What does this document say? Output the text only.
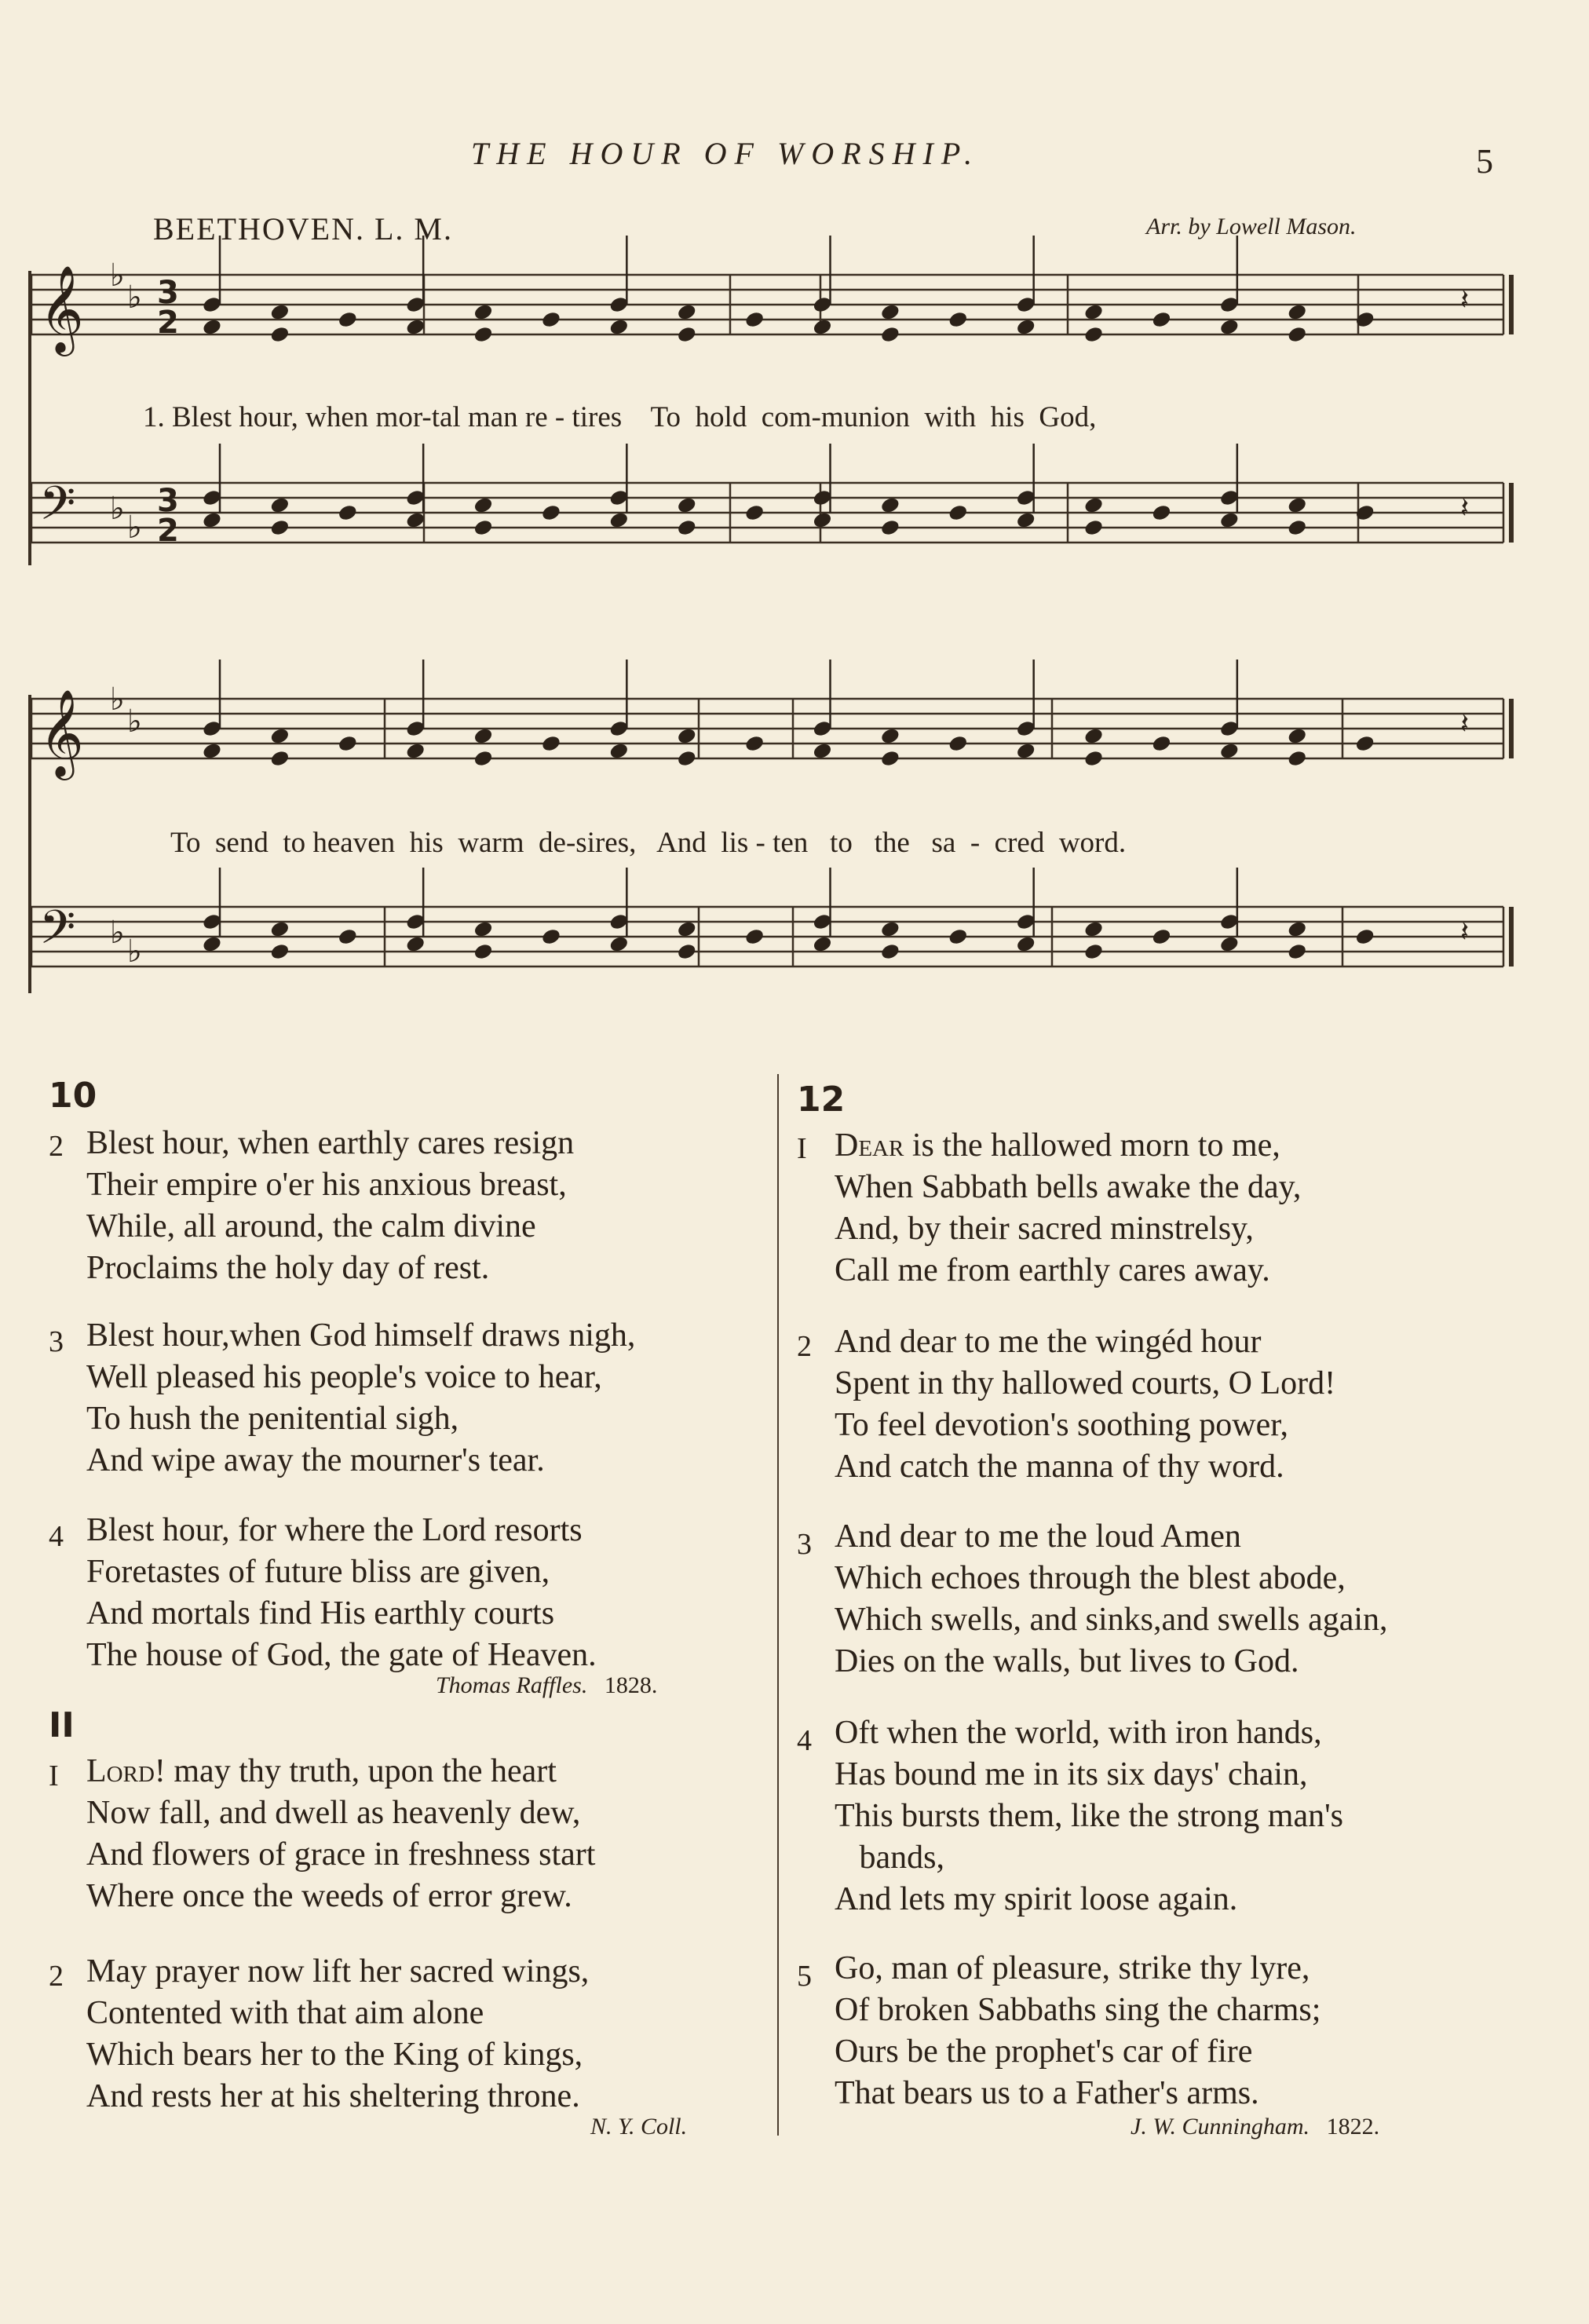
THE HOUR OF WORSHIP.	5
BEETHOVEN. L. M.	Arr. by Lowell Mason.
𝄞 ♭
♭ 3
2
𝄽
𝄢 ♭
♭
3
2
𝄽
𝄞 ♭
♭	𝄽
𝄢 ♭
♭
𝄽
1. Blest hour, when mor-tal man re - tires    To  hold  com-munion  with  his  God,
To  send  to heaven  his  warm  de-sires,   And  lis - ten   to   the   sa  -  cred  word.
10
2 Blest hour, when earthly cares resign
Their empire o'er his anxious breast,
While, all around, the calm divine
Proclaims the holy day of rest.
3 Blest hour,when God himself draws nigh,
Well pleased his people's voice to hear,
To hush the penitential sigh,
And wipe away the mourner's tear.
4 Blest hour, for where the Lord resorts
Foretastes of future bliss are given,
And mortals find His earthly courts
The house of God, the gate of Heaven.
Thomas Raffles. 1828.
II
I Lord! may thy truth, upon the heart
Now fall, and dwell as heavenly dew,
And flowers of grace in freshness start
Where once the weeds of error grew.
2 May prayer now lift her sacred wings,
Contented with that aim alone
Which bears her to the King of kings,
And rests her at his sheltering throne.
N. Y. Coll.
12
I Dear is the hallowed morn to me,
When Sabbath bells awake the day,
And, by their sacred minstrelsy,
Call me from earthly cares away.
2 And dear to me the wingéd hour
Spent in thy hallowed courts, O Lord!
To feel devotion's soothing power,
And catch the manna of thy word.
3 And dear to me the loud Amen
Which echoes through the blest abode,
Which swells, and sinks,and swells again,
Dies on the walls, but lives to God.
4 Oft when the world, with iron hands,
Has bound me in its six days' chain,
This bursts them, like the strong man's
bands,
And lets my spirit loose again.
5 Go, man of pleasure, strike thy lyre,
Of broken Sabbaths sing the charms;
Ours be the prophet's car of fire
That bears us to a Father's arms.
J. W. Cunningham. 1822.
